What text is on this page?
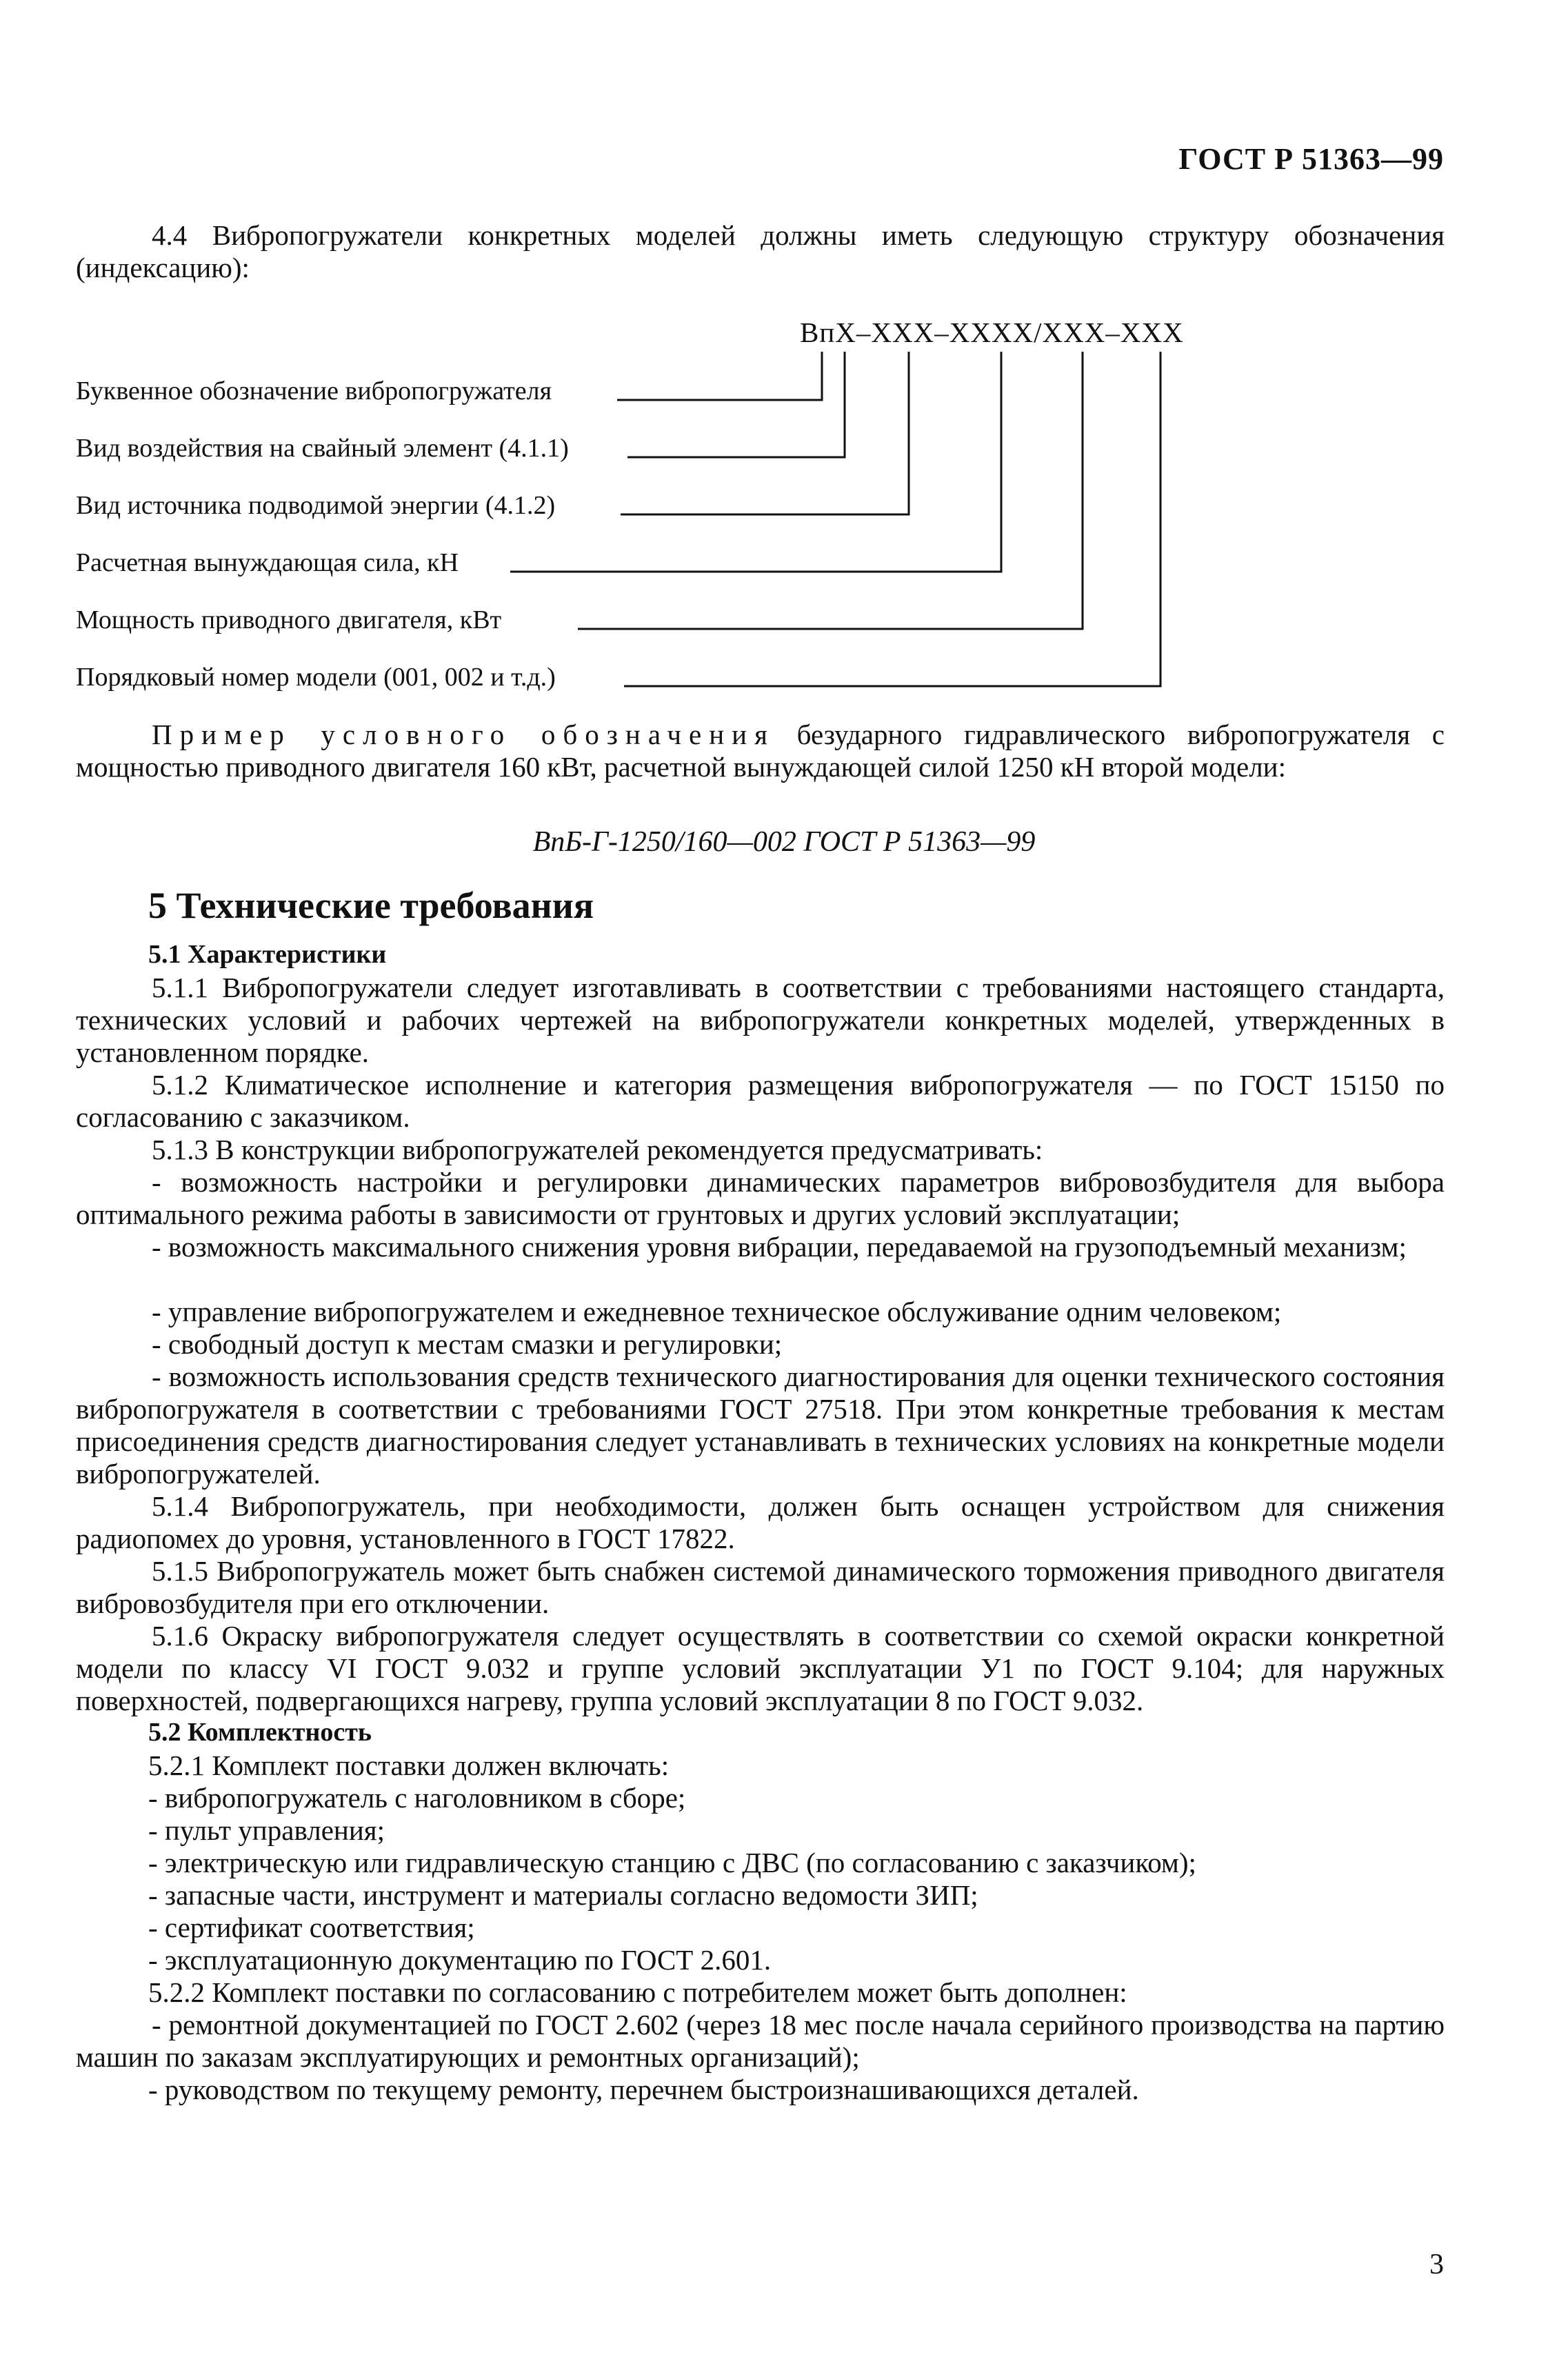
ГОСТ Р 51363—99
4.4 Вибропогружатели конкретных моделей должны иметь следующую структуру обозначения (индексацию):
ВпХ–ХХХ–ХХХХ/ХХХ–ХХХ
Буквенное обозначение вибропогружателя
Вид воздействия на свайный элемент (4.1.1)
Вид источника подводимой энергии (4.1.2)
Расчетная вынуждающая сила, кН
Мощность приводного двигателя, кВт
Порядковый номер модели (001, 002 и т.д.)
Пример условного обозначения безударного гидравлического вибропогружателя с мощностью приводного двигателя 160 кВт, расчетной вынуждающей силой 1250 кН второй модели:
ВпБ-Г-1250/160—002 ГОСТ Р 51363—99
5 Технические требования
5.1 Характеристики
5.1.1 Вибропогружатели следует изготавливать в соответствии с требованиями настоящего стандарта, технических условий и рабочих чертежей на вибропогружатели конкретных моделей, утвержденных в установленном порядке.
5.1.2 Климатическое исполнение и категория размещения вибропогружателя — по ГОСТ 15150 по согласованию с заказчиком.
5.1.3 В конструкции вибропогружателей рекомендуется предусматривать:
- возможность настройки и регулировки динамических параметров вибровозбудителя для выбора оптимального режима работы в зависимости от грунтовых и других условий эксплуатации;
- возможность максимального снижения уровня вибрации, передаваемой на грузоподъемный механизм;
- управление вибропогружателем и ежедневное техническое обслуживание одним человеком;
- свободный доступ к местам смазки и регулировки;
- возможность использования средств технического диагностирования для оценки технического состояния вибропогружателя в соответствии с требованиями ГОСТ 27518. При этом конкретные требования к местам присоединения средств диагностирования следует устанавливать в технических условиях на конкретные модели вибропогружателей.
5.1.4 Вибропогружатель, при необходимости, должен быть оснащен устройством для снижения радиопомех до уровня, установленного в ГОСТ 17822.
5.1.5 Вибропогружатель может быть снабжен системой динамического торможения приводного двигателя вибровозбудителя при его отключении.
5.1.6 Окраску вибропогружателя следует осуществлять в соответствии со схемой окраски конкретной модели по классу VI ГОСТ 9.032 и группе условий эксплуатации У1 по ГОСТ 9.104; для наружных поверхностей, подвергающихся нагреву, группа условий эксплуатации 8 по ГОСТ 9.032.
5.2 Комплектность
5.2.1 Комплект поставки должен включать:
- вибропогружатель с наголовником в сборе;
- пульт управления;
- электрическую или гидравлическую станцию с ДВС (по согласованию с заказчиком);
- запасные части, инструмент и материалы согласно ведомости ЗИП;
- сертификат соответствия;
- эксплуатационную документацию по ГОСТ 2.601.
5.2.2 Комплект поставки по согласованию с потребителем может быть дополнен:
- ремонтной документацией по ГОСТ 2.602 (через 18 мес после начала серийного производства на партию машин по заказам эксплуатирующих и ремонтных организаций);
- руководством по текущему ремонту, перечнем быстроизнашивающихся деталей.
3
